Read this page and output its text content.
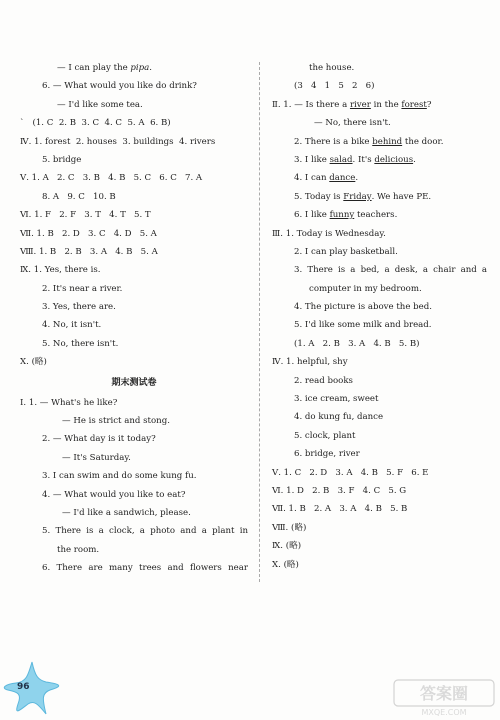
— I can play the pipa.
6. — What would you like do drink?
— I'd like some tea.
`   (1. C  2. B  3. C  4. C  5. A  6. B)
Ⅳ. 1. forest  2. houses  3. buildings  4. rivers
5. bridge
Ⅴ. 1. A   2. C   3. B   4. B   5. C   6. C   7. A
8. A   9. C   10. B
Ⅵ. 1. F   2. F   3. T   4. T   5. T
Ⅶ. 1. B   2. D   3. C   4. D   5. A
Ⅷ. 1. B   2. B   3. A   4. B   5. A
Ⅸ. 1. Yes, there is.
2. It's near a river.
3. Yes, there are.
4. No, it isn't.
5. No, there isn't.
Ⅹ. (略)
期末测试卷
Ⅰ. 1. — What's he like?
— He is strict and stong.
2. — What day is it today?
— It's Saturday.
3. I can swim and do some kung fu.
4. — What would you like to eat?
— I'd like a sandwich, please.
5. There is a clock, a photo and a plant in
the room.
6. There are many trees and flowers near
the house.
(3   4   1   5   2   6)
Ⅱ. 1. — Is there a river in the forest?
— No, there isn't.
2. There is a bike behind the door.
3. I like salad. It's delicious.
4. I can dance.
5. Today is Friday. We have PE.
6. I like funny teachers.
Ⅲ. 1. Today is Wednesday.
2. I can play basketball.
3. There is a bed, a desk, a chair and a
computer in my bedroom.
4. The picture is above the bed.
5. I'd like some milk and bread.
(1. A   2. B   3. A   4. B   5. B)
Ⅳ. 1. helpful, shy
2. read books
3. ice cream, sweet
4. do kung fu, dance
5. clock, plant
6. bridge, river
Ⅴ. 1. C   2. D   3. A   4. B   5. F   6. E
Ⅵ. 1. D   2. B   3. F   4. C   5. G
Ⅶ. 1. B   2. A   3. A   4. B   5. B
Ⅷ. (略)
Ⅸ. (略)
Ⅹ. (略)
96	答案圈
MXQE.COM
